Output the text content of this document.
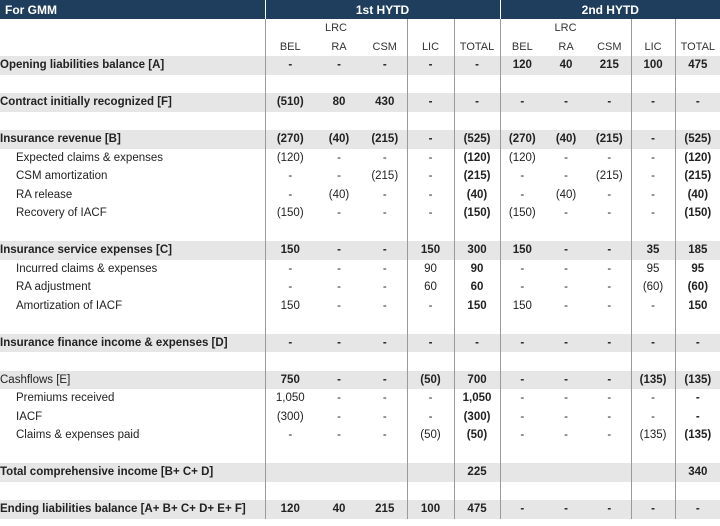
For GMM	1st HYTD					2nd HYTD				
	LRC					LRC				
	BEL	RA	CSM	LIC	TOTAL	BEL	RA	CSM	LIC	TOTAL
Opening liabilities balance [A]	-	-	-	-	-	120	40	215	100	475

Contract initially recognized [F]	(510)	80	430	-	-	-	-	-	-	-

Insurance revenue [B]	(270)	(40)	(215)	-	(525)	(270)	(40)	(215)	-	(525)
Expected claims & expenses	(120)	-	-	-	(120)	(120)	-	-	-	(120)
CSM amortization	-	-	(215)	-	(215)	-	-	(215)	-	(215)
RA release	-	(40)	-	-	(40)	-	(40)	-	-	(40)
Recovery of IACF	(150)	-	-	-	(150)	(150)	-	-	-	(150)

Insurance service expenses [C]	150	-	-	150	300	150	-	-	35	185
Incurred claims & expenses	-	-	-	90	90	-	-	-	95	95
RA adjustment	-	-	-	60	60	-	-	-	(60)	(60)
Amortization of IACF	150	-	-	-	150	150	-	-	-	150

Insurance finance income & expenses [D]	-	-	-	-	-	-	-	-	-	-

Cashflows [E]	750	-	-	(50)	700	-	-	-	(135)	(135)
Premiums received	1,050	-	-	-	1,050	-	-	-	-	-
IACF	(300)	-	-	-	(300)	-	-	-	-	-
Claims & expenses paid	-	-	-	(50)	(50)	-	-	-	(135)	(135)

Total comprehensive income [B+ C+ D]					225					340

Ending liabilities balance [A+ B+ C+ D+ E+ F]	120	40	215	100	475	-	-	-	-	-
